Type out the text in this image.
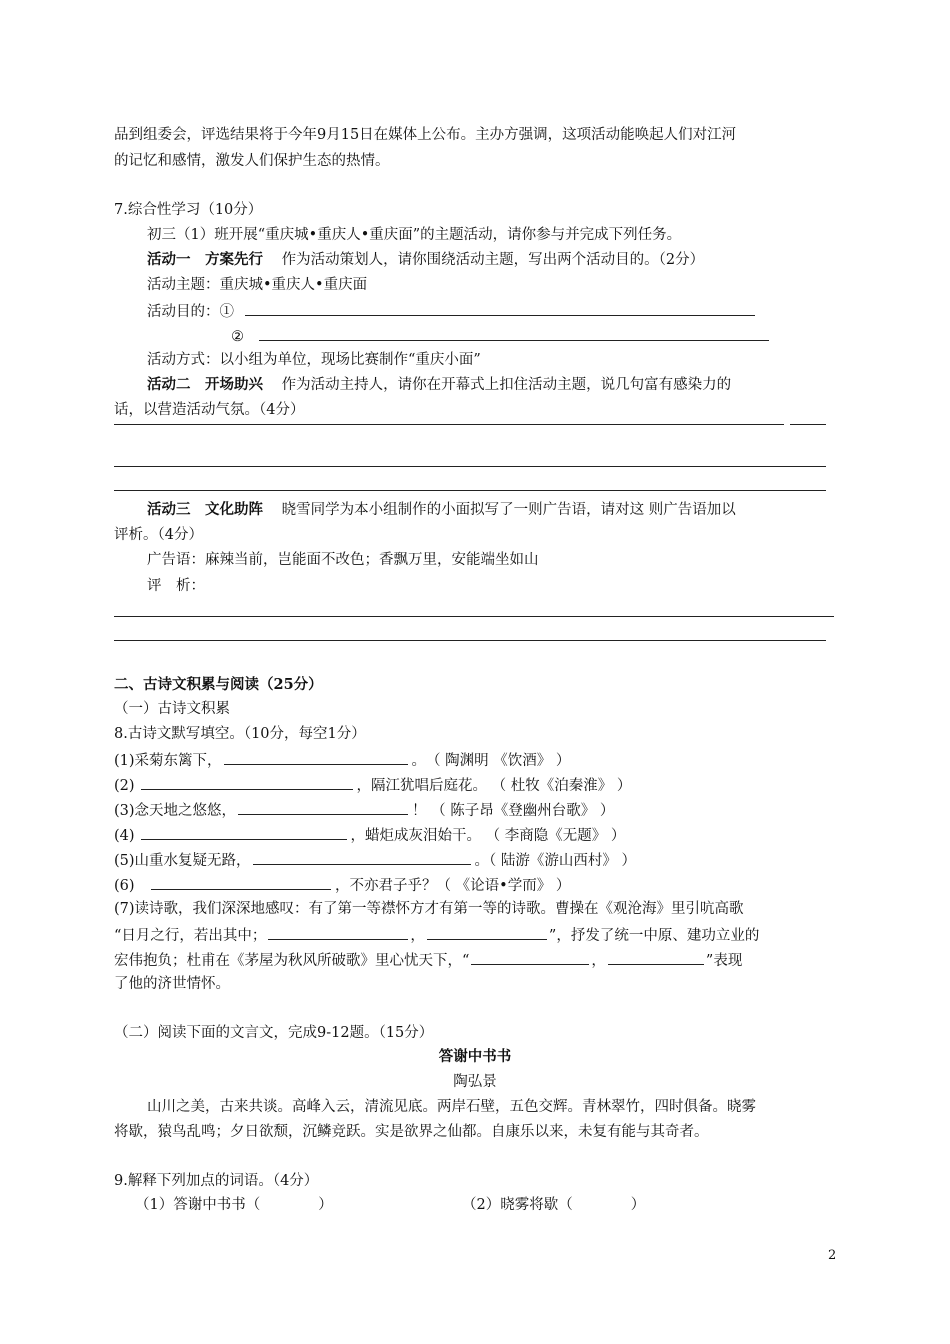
品到组委会，评选结果将于今年9月15日在媒体上公布。主办方强调，这项活动能唤起人们对江河
的记忆和感情，激发人们保护生态的热情。
7.综合性学习（10分）
初三（1）班开展“重庆城•重庆人•重庆面”的主题活动，请你参与并完成下列任务。
活动一　方案先行 作为活动策划人，请你围绕活动主题，写出两个活动目的。（2分）
活动主题：重庆城•重庆人•重庆面
活动目的：①
②
活动方式：以小组为单位，现场比赛制作“重庆小面”
活动二　开场助兴 作为活动主持人，请你在开幕式上扣住活动主题，说几句富有感染力的
话，以营造活动气氛。（4分）
活动三　文化助阵 晓雪同学为本小组制作的小面拟写了一则广告语，请对这 则广告语加以
评析。（4分）
广告语：麻辣当前，岂能面不改色；香飘万里，安能端坐如山
评　析：
二、古诗文积累与阅读（25分）
（一）古诗文积累
8.古诗文默写填空。（10分，每空1分）
(1)采菊东篱下，	。　（ 陶渊明 《饮酒》 ）
(2)	，隔江犹唱后庭花。 （ 杜牧《泊秦淮》 ）
(3)念天地之悠悠，	！ （ 陈子昂《登幽州台歌》 ）
(4)	，蜡炬成灰泪始干。 （ 李商隐《无题》 ）
(5)山重水复疑无路，	。（ 陆游《游山西村》 ）
(6)　	，不亦君子乎？（ 《论语•学而》 ）
(7)读诗歌，我们深深地感叹：有了第一等襟怀方才有第一等的诗歌。曹操在《观沧海》里引吭高歌
“日月之行，若出其中；	，	”，抒发了统一中原、建功立业的
宏伟抱负；杜甫在《茅屋为秋风所破歌》里心忧天下，“	，	”表现
了他的济世情怀。
（二）阅读下面的文言文，完成9-12题。（15分）
答谢中书书
陶弘景
山川之美，古来共谈。高峰入云，清流见底。两岸石壁，五色交辉。青林翠竹，四时俱备。晓雾
将歇，猿鸟乱鸣；夕日欲颓，沉鳞竞跃。实是欲界之仙都。自康乐以来，未复有能与其奇者。
9.解释下列加点的词语。（4分）
（1）答谢中书书（　　　　）	（2）晓雾将歇（　　　　）
2
